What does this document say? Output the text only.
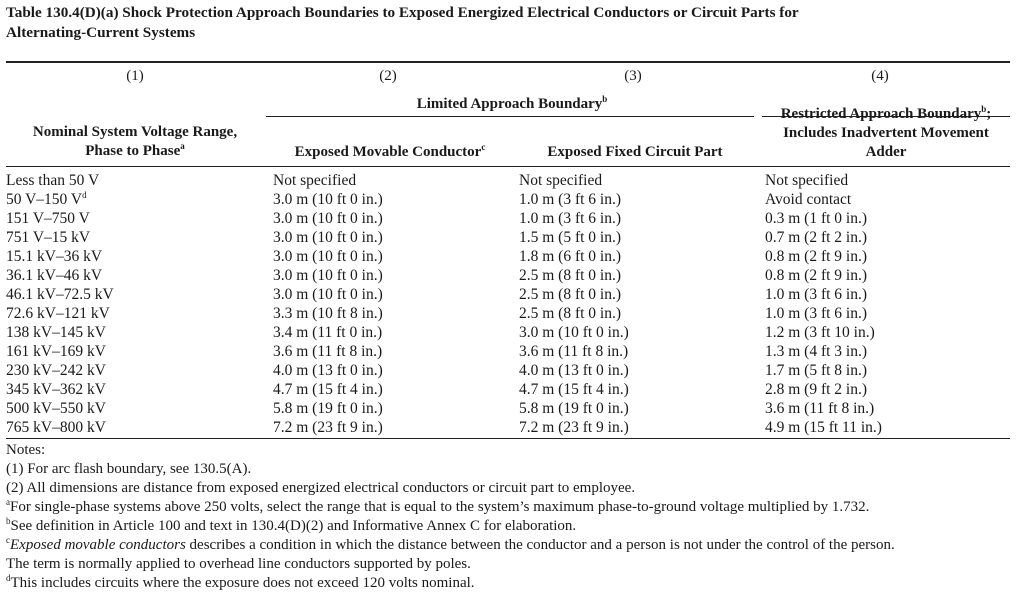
Table 130.4(D)(a) Shock Protection Approach Boundaries to Exposed Energized Electrical Conductors or Circuit Parts for
Alternating-Current Systems
(1)	(2)	(3)	(4)
Limited Approach Boundary$^b$
Nominal System Voltage Range,
Phase to Phase$^a$	Exposed Movable Conductor$^c$	Exposed Fixed Circuit Part
Restricted Approach Boundary$^b$;
Includes Inadvertent Movement
Adder
Less than 50 V	Not specified	Not specified	Not specified
50 V–150 $V^d$	3.0 m (10 ft 0 in.)	1.0 m (3 ft 6 in.)	Avoid contact
151 V–750 V	3.0 m (10 ft 0 in.)	1.0 m (3 ft 6 in.)	0.3 m (1 ft 0 in.)
751 V–15 kV	3.0 m (10 ft 0 in.)	1.5 m (5 ft 0 in.)	0.7 m (2 ft 2 in.)
15.1 kV–36 kV	3.0 m (10 ft 0 in.)	1.8 m (6 ft 0 in.)	0.8 m (2 ft 9 in.)
36.1 kV–46 kV	3.0 m (10 ft 0 in.)	2.5 m (8 ft 0 in.)	0.8 m (2 ft 9 in.)
46.1 kV–72.5 kV	3.0 m (10 ft 0 in.)	2.5 m (8 ft 0 in.)	1.0 m (3 ft 6 in.)
72.6 kV–121 kV	3.3 m (10 ft 8 in.)	2.5 m (8 ft 0 in.)	1.0 m (3 ft 6 in.)
138 kV–145 kV	3.4 m (11 ft 0 in.)	3.0 m (10 ft 0 in.)	1.2 m (3 ft 10 in.)
161 kV–169 kV	3.6 m (11 ft 8 in.)	3.6 m (11 ft 8 in.)	1.3 m (4 ft 3 in.)
230 kV–242 kV	4.0 m (13 ft 0 in.)	4.0 m (13 ft 0 in.)	1.7 m (5 ft 8 in.)
345 kV–362 kV	4.7 m (15 ft 4 in.)	4.7 m (15 ft 4 in.)	2.8 m (9 ft 2 in.)
500 kV–550 kV	5.8 m (19 ft 0 in.)	5.8 m (19 ft 0 in.)	3.6 m (11 ft 8 in.)
765 kV–800 kV	7.2 m (23 ft 9 in.)	7.2 m (23 ft 9 in.)	4.9 m (15 ft 11 in.)
Notes:
(1) For arc flash boundary, see 130.5(A).
(2) All dimensions are distance from exposed energized electrical conductors or circuit part to employee.
$^a$For single-phase systems above 250 volts, select the range that is equal to the system’s maximum phase-to-ground voltage multiplied by 1.732.
$^b$See definition in Article 100 and text in 130.4(D)(2) and Informative Annex C for elaboration.
$^c$Exposed movable conductors describes a condition in which the distance between the conductor and a person is not under the control of the person.
The term is normally applied to overhead line conductors supported by poles.
$^d$This includes circuits where the exposure does not exceed 120 volts nominal.
